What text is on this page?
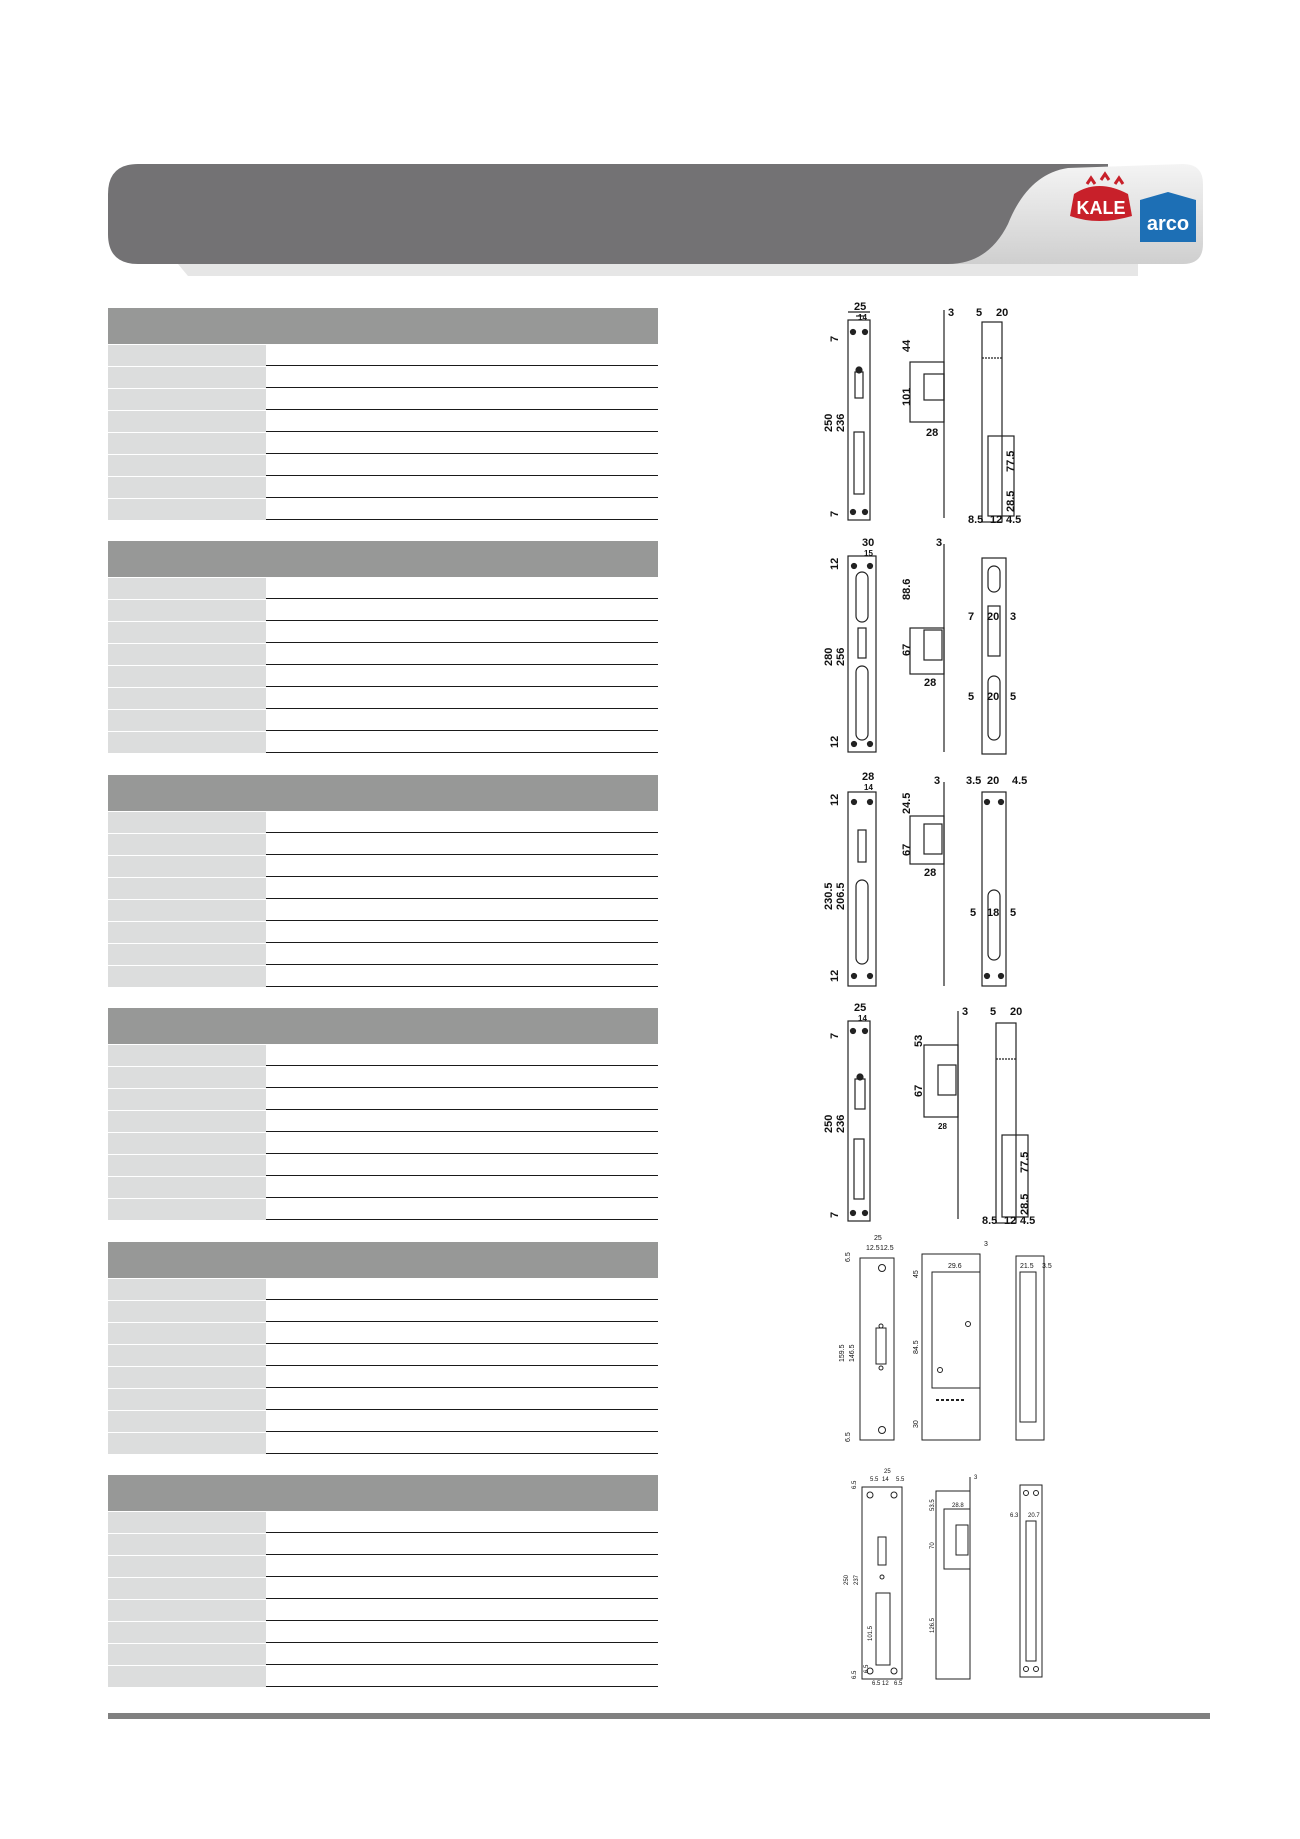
KALE
arco
25
14
7
250 236
7
3
44
101
28
5 20
77.5
28.5
8.5 12 4.5
30
15
12
280 256
12
3
88.6
67
28
7 20 3
5 20 5
28
14
12
230.5 206.5
12
3
24.5
67
28
3.5 20 4.5
5 18 5
25
14
7
250 236
7
3
53
67
28
5 20
77.5
28.5
8.5 12 4.5
25
12.5 12.5
6.5
159.5 146.5
6.5
3
29.6
45
84.5
30
21.5 3.5
25
5.5 14 5.5
6.5
250 237
101.5
6.5
6.5
6.5 12 6.5
3
28.8
53.5
70
126.5
6.3 20.7
